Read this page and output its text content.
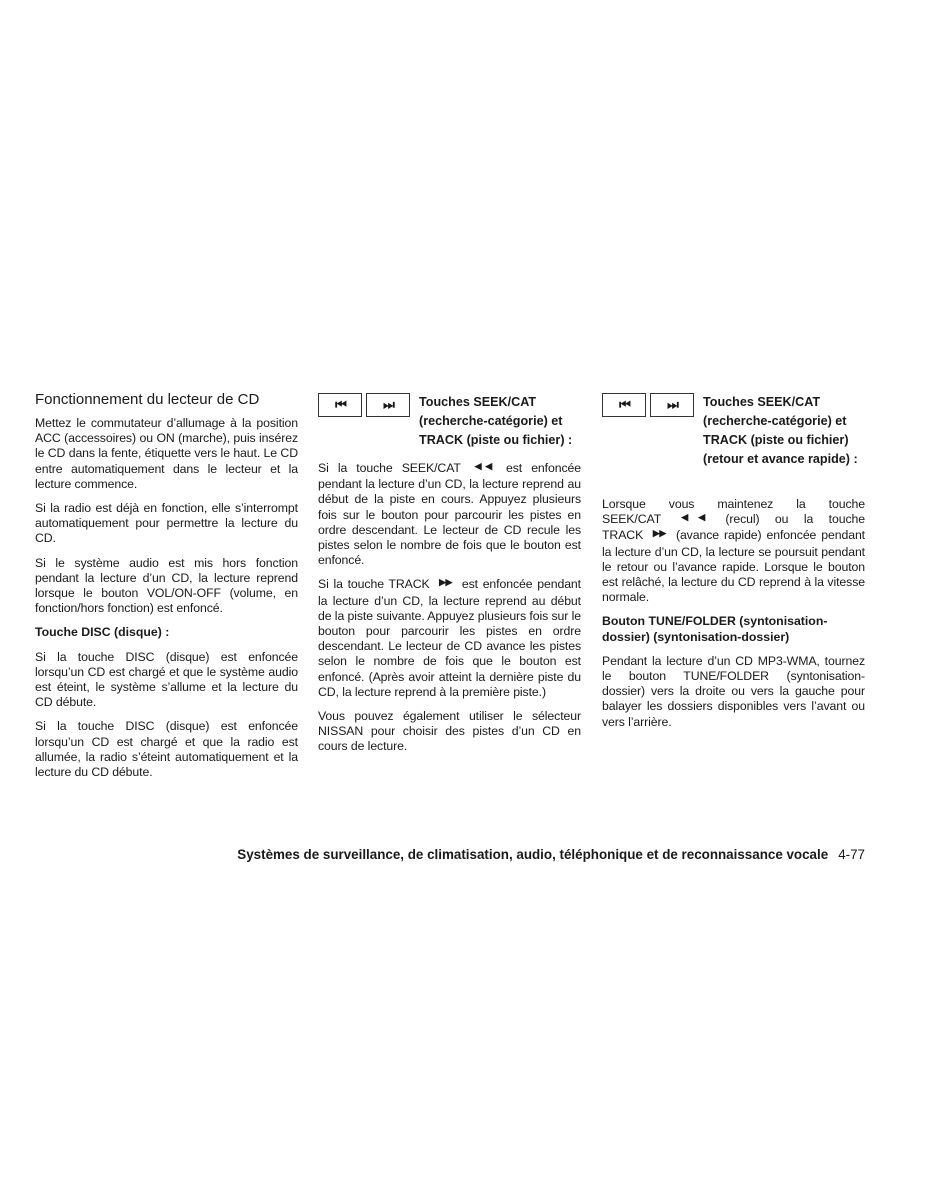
Fonctionnement du lecteur de CD

Mettez le commutateur d’allumage à la position ACC (accessoires) ou ON (marche), puis insérez le CD dans la fente, étiquette vers le haut. Le CD entre automatiquement dans le lecteur et la lecture commence.

Si la radio est déjà en fonction, elle s’interrompt automatiquement pour permettre la lecture du CD.

Si le système audio est mis hors fonction pendant la lecture d’un CD, la lecture reprend lorsque le bouton VOL/ON-OFF (volume, en fonction/hors fonction) est enfoncé.

Touche DISC (disque) :

Si la touche DISC (disque) est enfoncée lorsqu’un CD est chargé et que le système audio est éteint, le système s’allume et la lecture du CD débute.

Si la touche DISC (disque) est enfoncée lorsqu’un CD est chargé et que la radio est allumée, la radio s’éteint automatiquement et la lecture du CD débute.

⏮	⏭	Touches SEEK/CAT (recherche-catégorie) et TRACK (piste ou fichier) :

Si la touche SEEK/CAT ◀◀ est enfoncée pendant la lecture d’un CD, la lecture reprend au début de la piste en cours. Appuyez plusieurs fois sur le bouton pour parcourir les pistes en ordre descendant. Le lecteur de CD recule les pistes selon le nombre de fois que le bouton est enfoncé.

Si la touche TRACK ▶▶ est enfoncée pendant la lecture d’un CD, la lecture reprend au début de la piste suivante. Appuyez plusieurs fois sur le bouton pour parcourir les pistes en ordre descendant. Le lecteur de CD avance les pistes selon le nombre de fois que le bouton est enfoncé. (Après avoir atteint la dernière piste du CD, la lecture reprend à la première piste.)

Vous pouvez également utiliser le sélecteur NISSAN pour choisir des pistes d’un CD en cours de lecture.

⏮	⏭	Touches SEEK/CAT (recherche-catégorie) et TRACK (piste ou fichier) (retour et avance rapide) :

Lorsque vous maintenez la touche SEEK/CAT ◀◀ (recul) ou la touche TRACK ▶▶ (avance rapide) enfoncée pendant la lecture d’un CD, la lecture se poursuit pendant le retour ou l’avance rapide. Lorsque le bouton est relâché, la lecture du CD reprend à la vitesse normale.

Bouton TUNE/FOLDER (syntonisation-dossier) (syntonisation-dossier)

Pendant la lecture d’un CD MP3-WMA, tournez le bouton TUNE/FOLDER (syntonisation-dossier) vers la droite ou vers la gauche pour balayer les dossiers disponibles vers l’avant ou vers l’arrière.

Systèmes de surveillance, de climatisation, audio, téléphonique et de reconnaissance vocale 4-77
